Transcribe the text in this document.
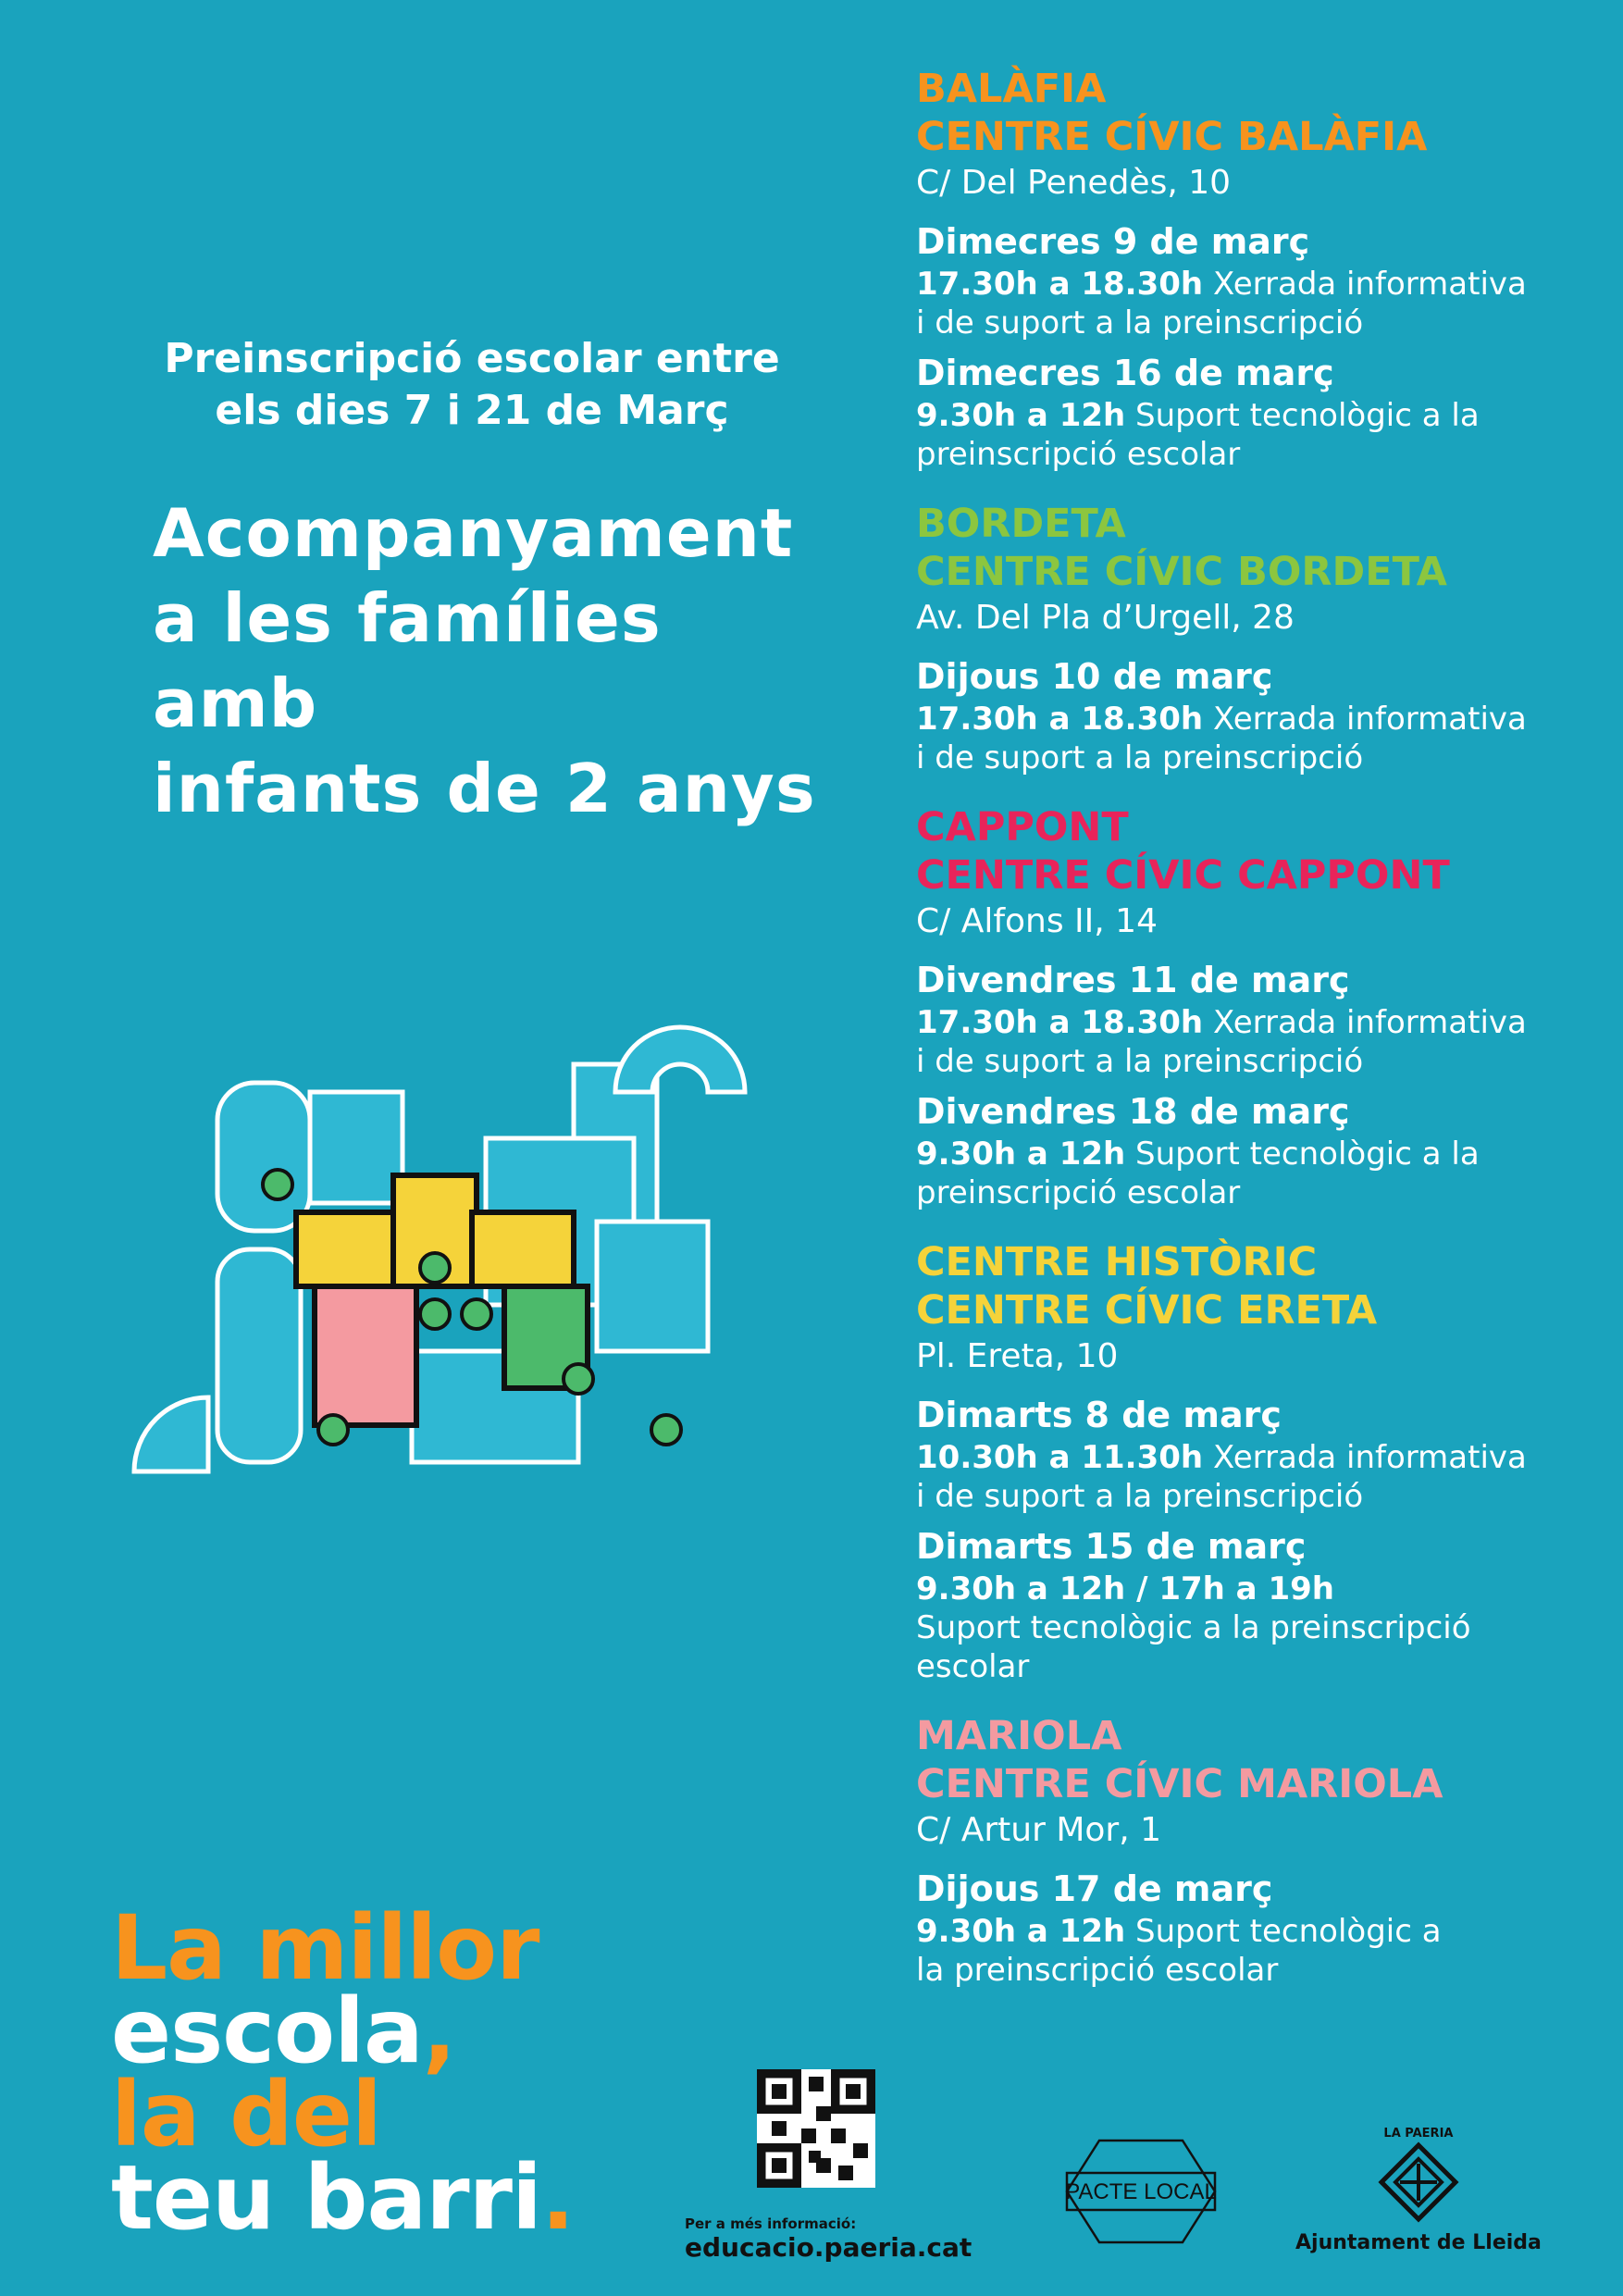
Preinscripció escolar entre
els dies 7 i 21 de Març
Acompanyament
a les famílies amb
infants de 2 anys
La millor
escola,
la del
teu barri.
BALÀFIA
CENTRE CÍVIC BALÀFIA
C/ Del Penedès, 10
Dimecres 9 de març
17.30h a 18.30h Xerrada informativa
i de suport a la preinscripció
Dimecres 16 de març
9.30h a 12h Suport tecnològic a la
preinscripció escolar
BORDETA
CENTRE CÍVIC BORDETA
Av. Del Pla d’Urgell, 28
Dijous 10 de març
17.30h a 18.30h Xerrada informativa
i de suport a la preinscripció
CAPPONT
CENTRE CÍVIC CAPPONT
C/ Alfons II, 14
Divendres 11 de març
17.30h a 18.30h Xerrada informativa
i de suport a la preinscripció
Divendres 18 de març
9.30h a 12h Suport tecnològic a la
preinscripció escolar
CENTRE HISTÒRIC
CENTRE CÍVIC ERETA
Pl. Ereta, 10
Dimarts 8 de març
10.30h a 11.30h Xerrada informativa
i de suport a la preinscripció
Dimarts 15 de març
9.30h a 12h / 17h a 19h
Suport tecnològic a la preinscripció escolar
MARIOLA
CENTRE CÍVIC MARIOLA
C/ Artur Mor, 1
Dijous 17 de març
9.30h a 12h Suport tecnològic a
la preinscripció escolar
Per a més informació:
educacio.paeria.cat
PACTE LOCAL
LA PAERIA
Ajuntament de Lleida
